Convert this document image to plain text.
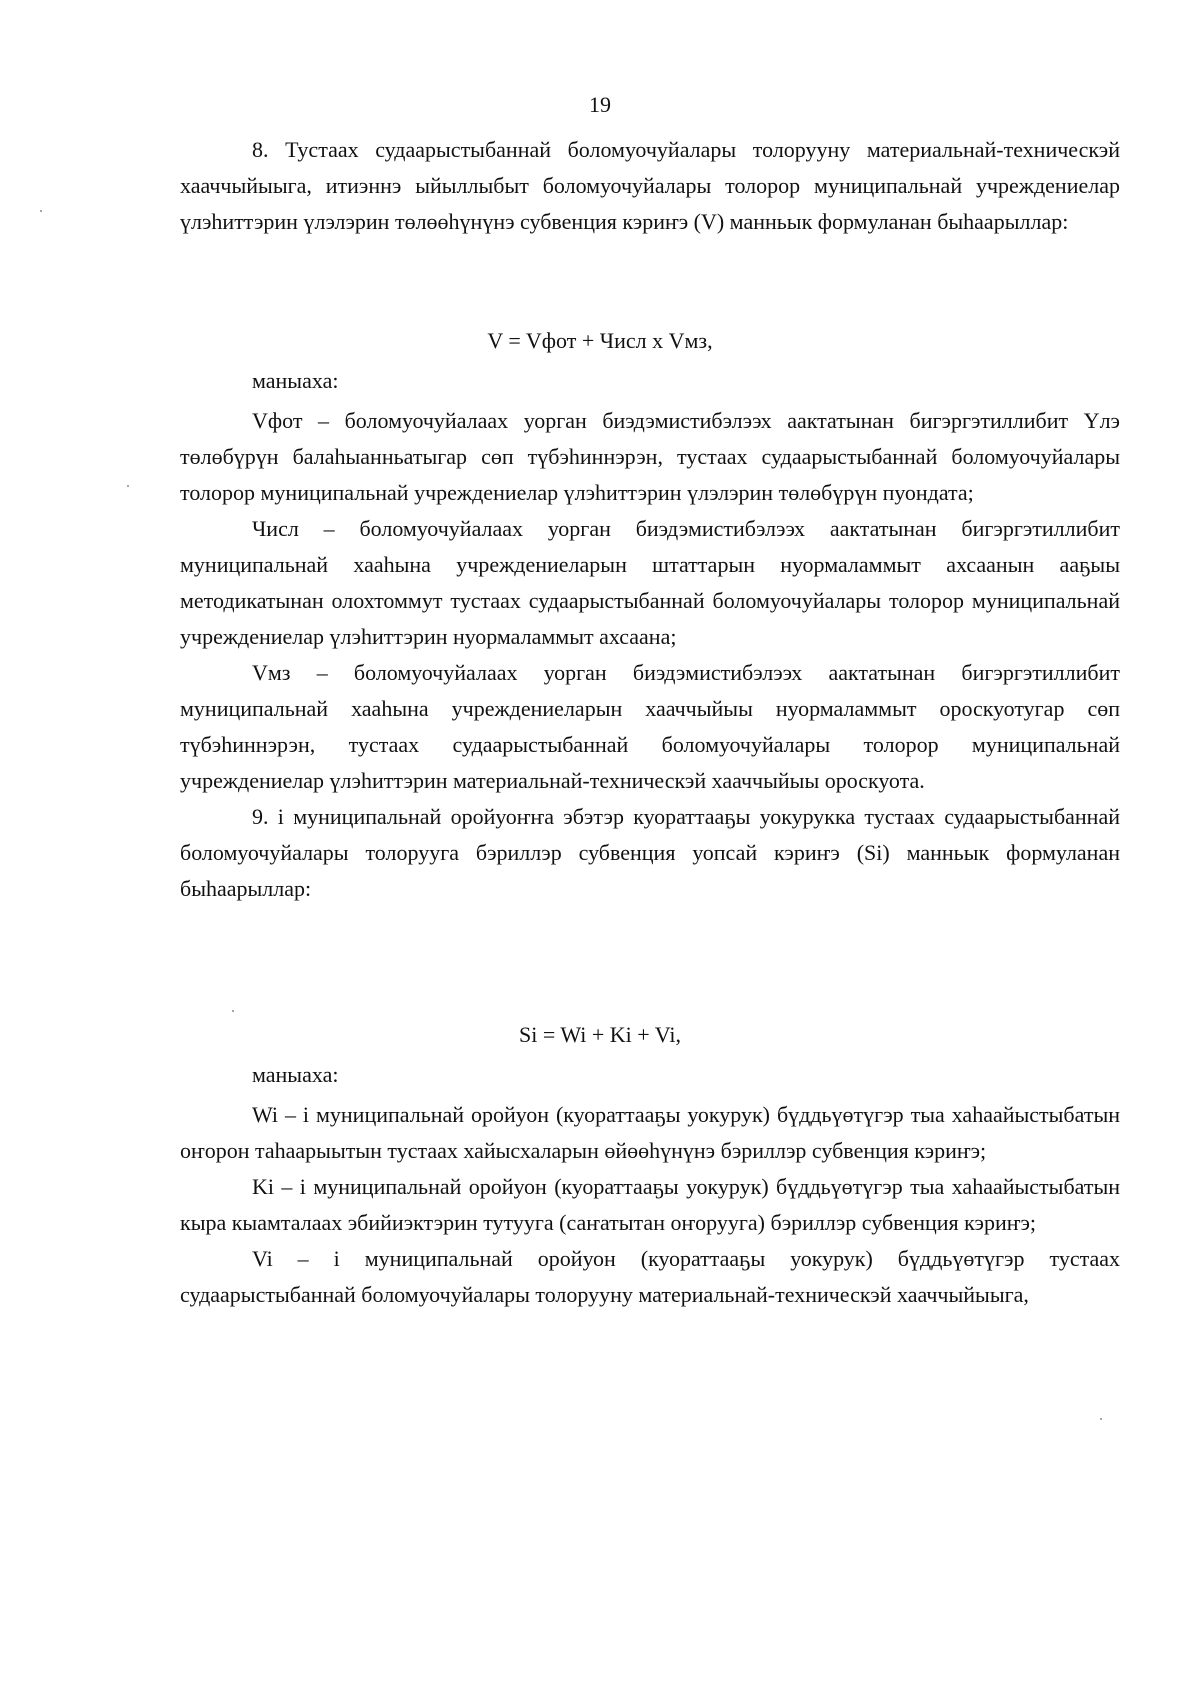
19

8. Тустаах судаарыстыбаннай боломуочуйалары толорууну материальнай-техническэй хааччыйыыга, итиэннэ ыйыллыбыт боломуочуйалары толорор муниципальнай учреждениелар үлэһиттэрин үлэлэрин төлөөһүнүнэ субвенция кэриҥэ (V) манньык формуланан быһаарыллар:

V = Vфот + Числ х Vмз,
маныаха:

Vфот – боломуочуйалаах уорган биэдэмистибэлээх аактатынан бигэргэтиллибит Үлэ төлөбүрүн балаһыанньатыгар сөп түбэһиннэрэн, тустаах судаарыстыбаннай боломуочуйалары толорор муниципальнай учреждениелар үлэһиттэрин үлэлэрин төлөбүрүн пуондата;

Числ – боломуочуйалаах уорган биэдэмистибэлээх аактатынан бигэргэтиллибит муниципальнай хааһына учреждениеларын штаттарын нуормаламмыт ахсаанын ааҕыы методикатынан олохтоммут тустаах судаарыстыбаннай боломуочуйалары толорор муниципальнай учреждениелар үлэһиттэрин нуормаламмыт ахсаана;

Vмз – боломуочуйалаах уорган биэдэмистибэлээх аактатынан бигэргэтиллибит муниципальнай хааһына учреждениеларын хааччыйыы нуормаламмыт ороскуотугар сөп түбэһиннэрэн, тустаах судаарыстыбаннай боломуочуйалары толорор муниципальнай учреждениелар үлэһиттэрин материальнай-техническэй хааччыйыы ороскуота.

9. i муниципальнай оройуоҥҥа эбэтэр куораттааҕы уокурукка тустаах судаарыстыбаннай боломуочуйалары толорууга бэриллэр субвенция уопсай кэриҥэ (Si) манньык формуланан быһаарыллар:

Si = Wi + Ki + Vi,
маныаха:

Wi – i муниципальнай оройуон (куораттааҕы уокурук) бүддьүөтүгэр тыа хаһаайыстыбатын оҥорон таһаарыытын тустаах хайысхаларын өйөөһүнүнэ бэриллэр субвенция кэриҥэ;

Ki – i муниципальнай оройуон (куораттааҕы уокурук) бүддьүөтүгэр тыа хаһаайыстыбатын кыра кыамталаах эбийиэктэрин тутууга (саҥатытан оҥорууга) бэриллэр субвенция кэриҥэ;

Vi – i муниципальнай оройуон (куораттааҕы уокурук) бүддьүөтүгэр тустаах судаарыстыбаннай боломуочуйалары толорууну материальнай-техническэй хааччыйыыга,
